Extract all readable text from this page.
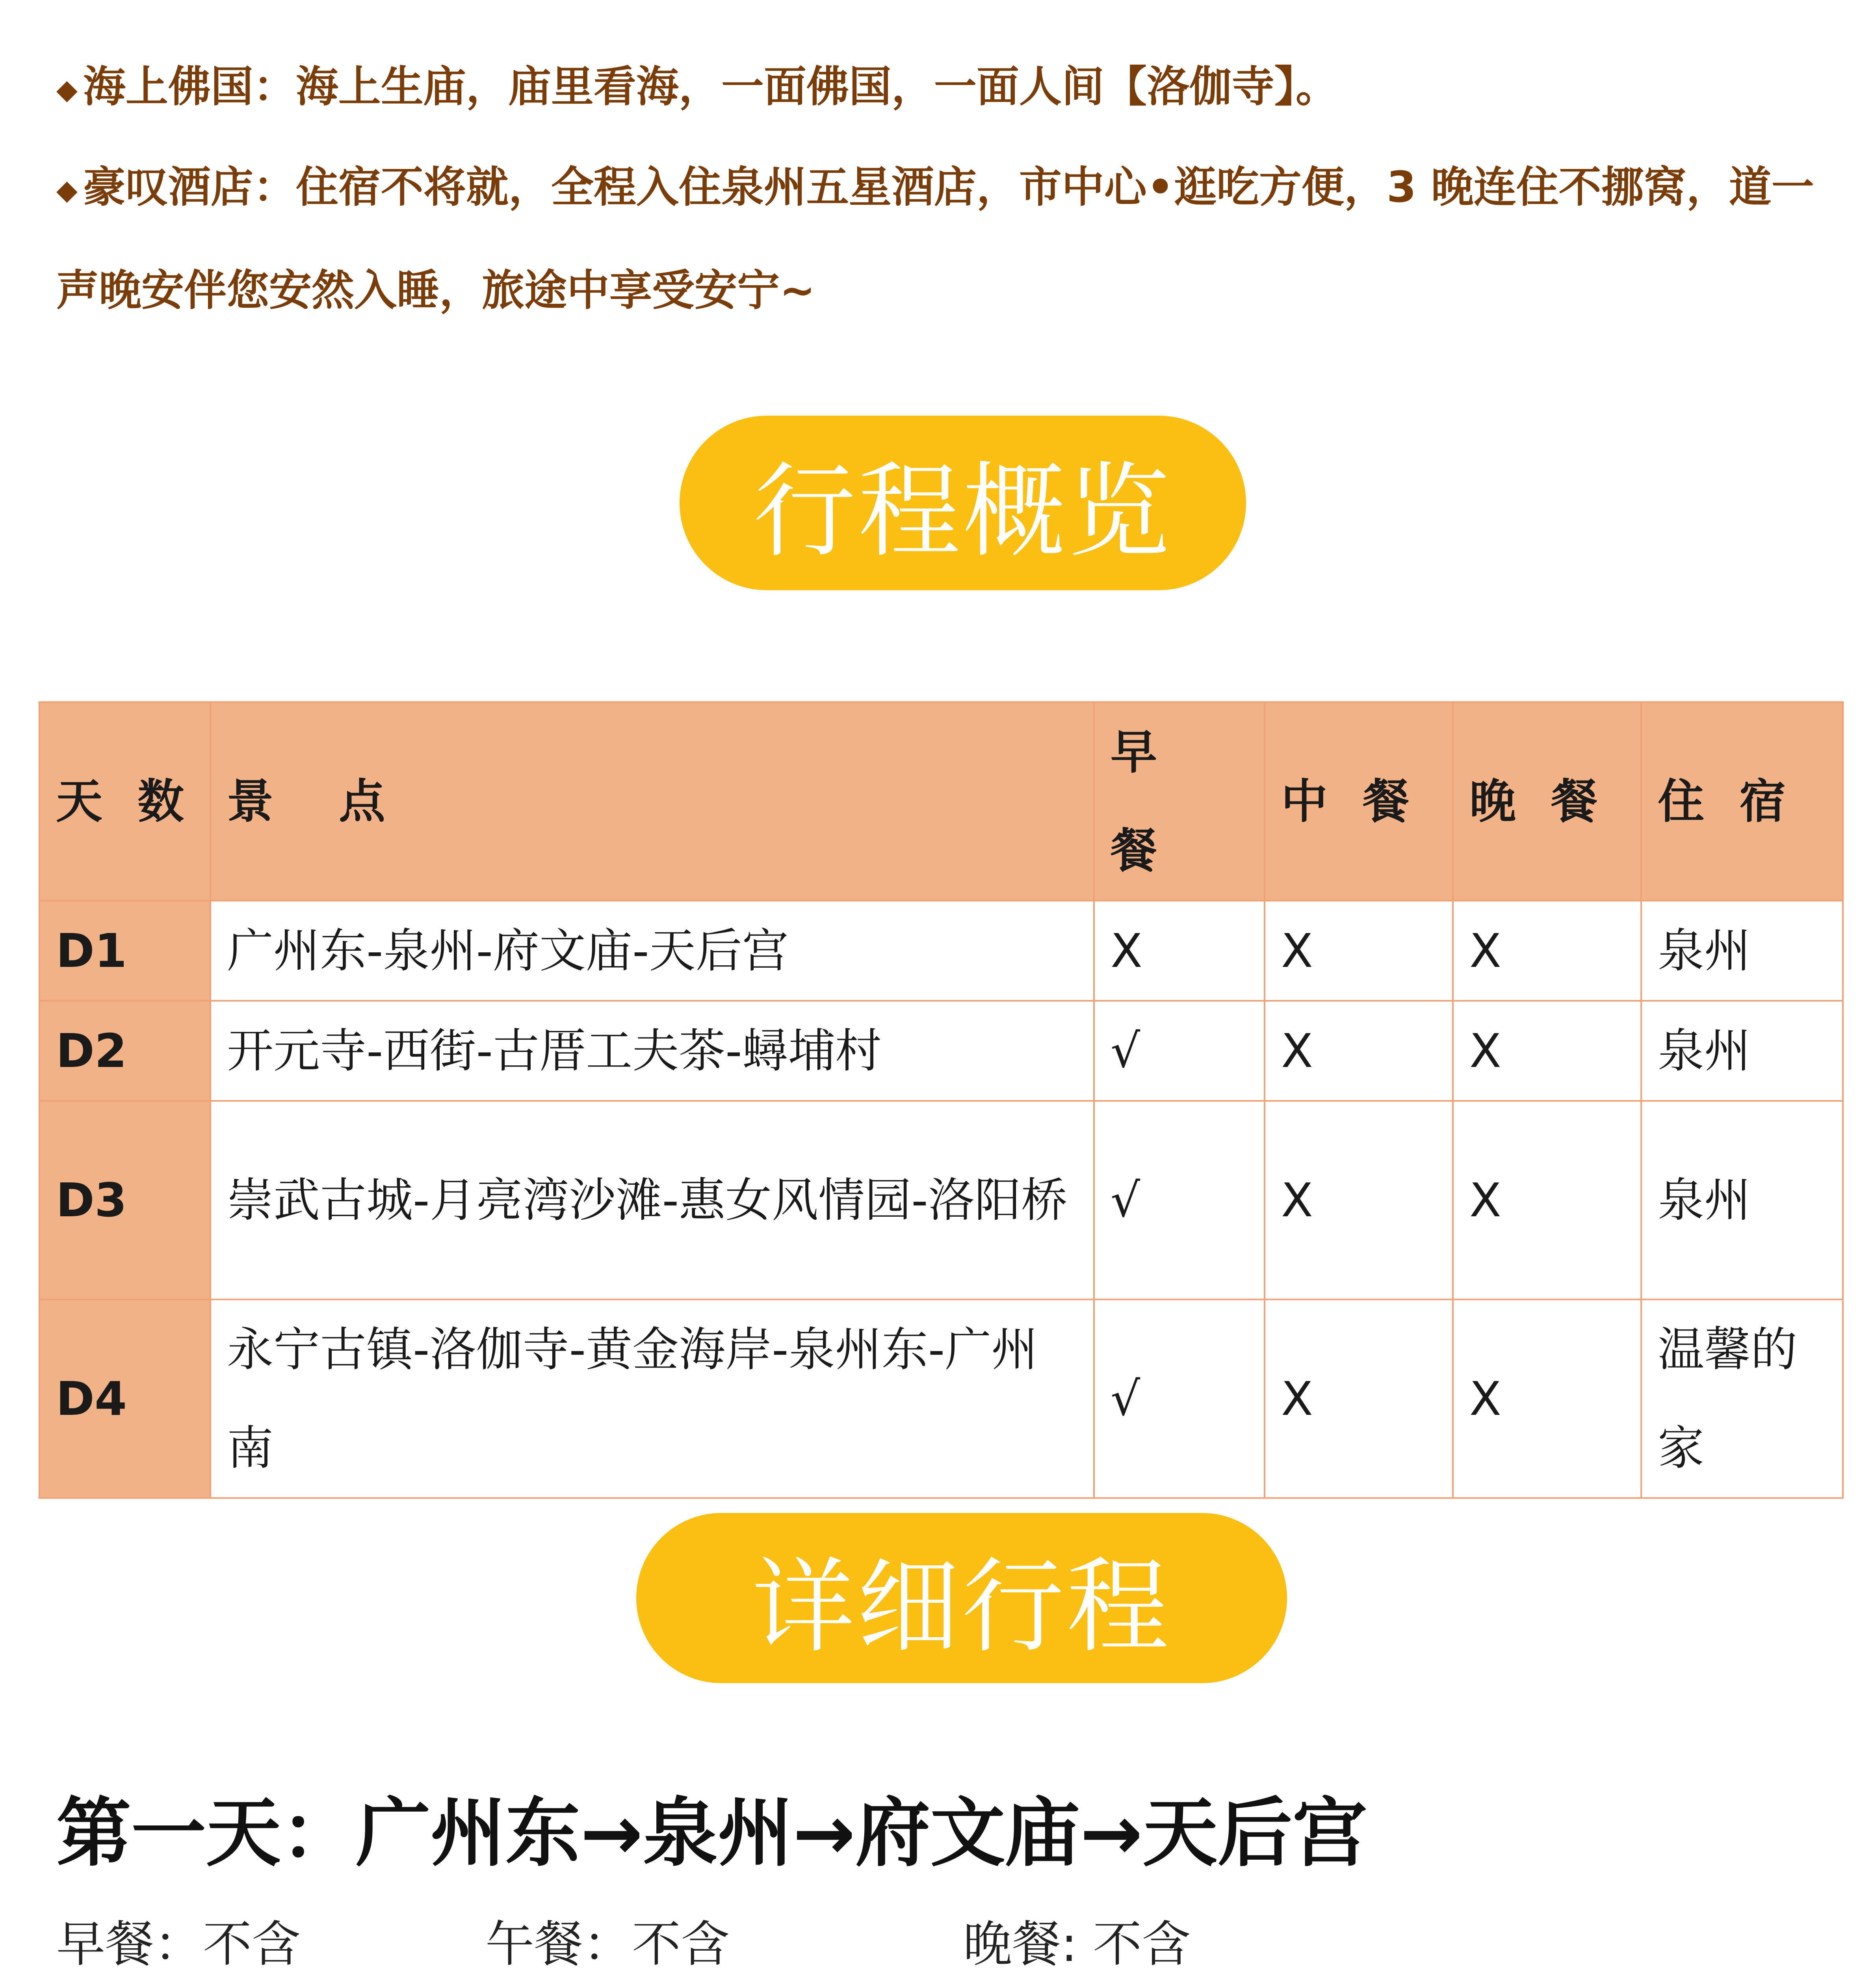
◆ 海上佛国：海上生庙，庙里看海，一面佛国，一面人间【洛伽寺】。
◆ 豪叹酒店：住宿不将就，全程入住泉州五星酒店，市中心•逛吃方便，3 晚连住不挪窝，道一声晚安伴您安然入睡，旅途中享受安宁~
行程概览
天 数	景　点	早 餐	中 餐	晚 餐	住 宿
D1	广州东-泉州-府文庙-天后宫	X	X	X	泉州
D2	开元寺-西街-古厝工夫茶-蟳埔村	√	X	X	泉州
D3	崇武古城-月亮湾沙滩-惠女风情园-洛阳桥	√	X	X	泉州
D4	永宁古镇-洛伽寺-黄金海岸-泉州东-广州南	√	X	X	温馨的家
详细行程
第一天：广州东→泉州→府文庙→天后宫
早餐：不含	午餐：不含	晚餐: 不含
